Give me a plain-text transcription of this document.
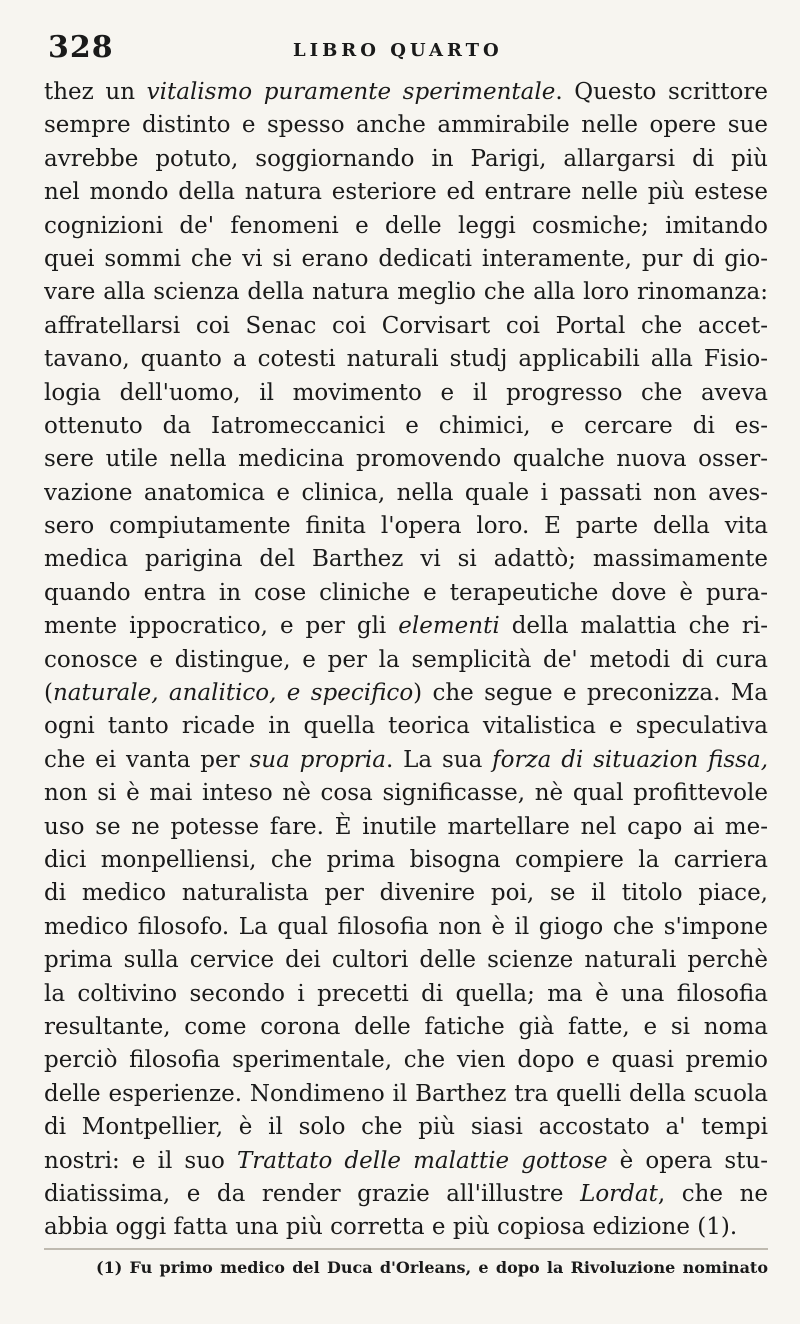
328	LIBRO QUARTO
thez un vitalismo puramente sperimentale. Questo scrittore
sempre distinto e spesso anche ammirabile nelle opere sue
avrebbe potuto, soggiornando in Parigi, allargarsi di più
nel mondo della natura esteriore ed entrare nelle più estese
cognizioni de' fenomeni e delle leggi cosmiche; imitando
quei sommi che vi si erano dedicati interamente, pur di gio-
vare alla scienza della natura meglio che alla loro rinomanza:
affratellarsi coi Senac coi Corvisart coi Portal che accet-
tavano, quanto a cotesti naturali studj applicabili alla Fisio-
logia dell'uomo, il movimento e il progresso che aveva
ottenuto da Iatromeccanici e chimici, e cercare di es-
sere utile nella medicina promovendo qualche nuova osser-
vazione anatomica e clinica, nella quale i passati non aves-
sero compiutamente finita l'opera loro. E parte della vita
medica parigina del Barthez vi si adattò; massimamente
quando entra in cose cliniche e terapeutiche dove è pura-
mente ippocratico, e per gli elementi della malattia che ri-
conosce e distingue, e per la semplicità de' metodi di cura
(naturale, analitico, e specifico) che segue e preconizza. Ma
ogni tanto ricade in quella teorica vitalistica e speculativa
che ei vanta per sua propria. La sua forza di situazion fissa,
non si è mai inteso nè cosa significasse, nè qual profittevole
uso se ne potesse fare. È inutile martellare nel capo ai me-
dici monpelliensi, che prima bisogna compiere la carriera
di medico naturalista per divenire poi, se il titolo piace,
medico filosofo. La qual filosofia non è il giogo che s'impone
prima sulla cervice dei cultori delle scienze naturali perchè
la coltivino secondo i precetti di quella; ma è una filosofia
resultante, come corona delle fatiche già fatte, e si noma
perciò filosofia sperimentale, che vien dopo e quasi premio
delle esperienze. Nondimeno il Barthez tra quelli della scuola
di Montpellier, è il solo che più siasi accostato a' tempi
nostri: e il suo Trattato delle malattie gottose è opera stu-
diatissima, e da render grazie all'illustre Lordat, che ne
abbia oggi fatta una più corretta e più copiosa edizione (1).
(1) Fu primo medico del Duca d'Orleans, e dopo la Rivoluzione nominato
